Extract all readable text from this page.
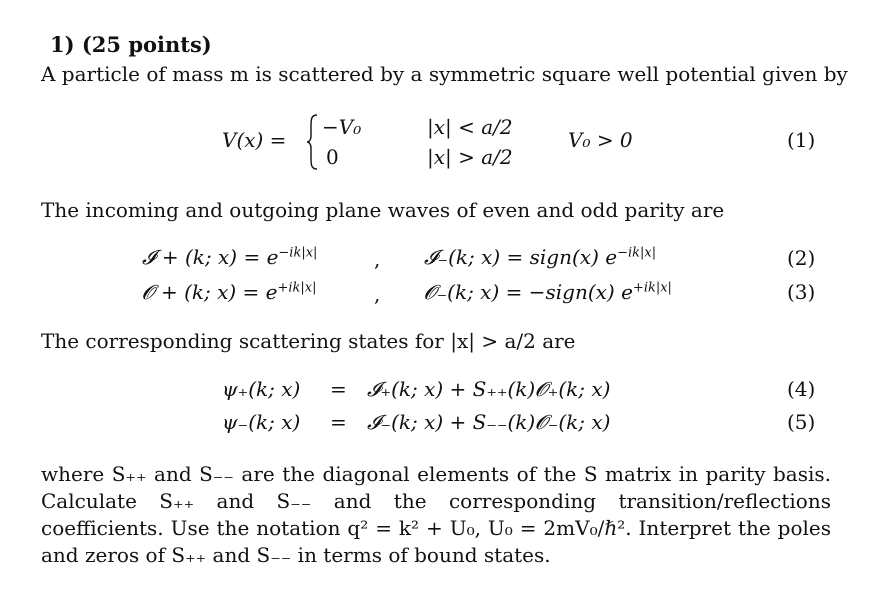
1) (25 points)
A particle of mass m is scattered by a symmetric square well potential given by
V(x) =
−V₀
0
|x| < a/2
|x| > a/2
V₀ > 0	(1)
The incoming and outgoing plane waves of even and odd parity are
𝓘 + (k; $x) = e^{-ik|x|}$	, 𝓘₋(k; x) = sign(x) $e^{-ik|x|}$	(2)
𝓞 + (k; $x) = e^{+ik|x|}$	, 𝓞₋(k; x) = −sign(x) $e^{+ik|x|}$	(3)
The corresponding scattering states for |x| > a/2 are
ψ₊(k; x) = 𝓘₊(k; x) + S₊₊(k)𝓞₊(k; x)	(4)
ψ₋(k; x) = 𝓘₋(k; x) + S₋₋(k)𝓞₋(k; x)	(5)
where S₊₊ and S₋₋ are the diagonal elements of the S matrix in parity basis. Calculate S₊₊ and S₋₋ and the corresponding transition/reflections coefficients. Use the notation q² = k² + U₀, U₀ = 2mV₀/ℏ². Interpret the poles and zeros of S₊₊ and S₋₋ in terms of bound states.
